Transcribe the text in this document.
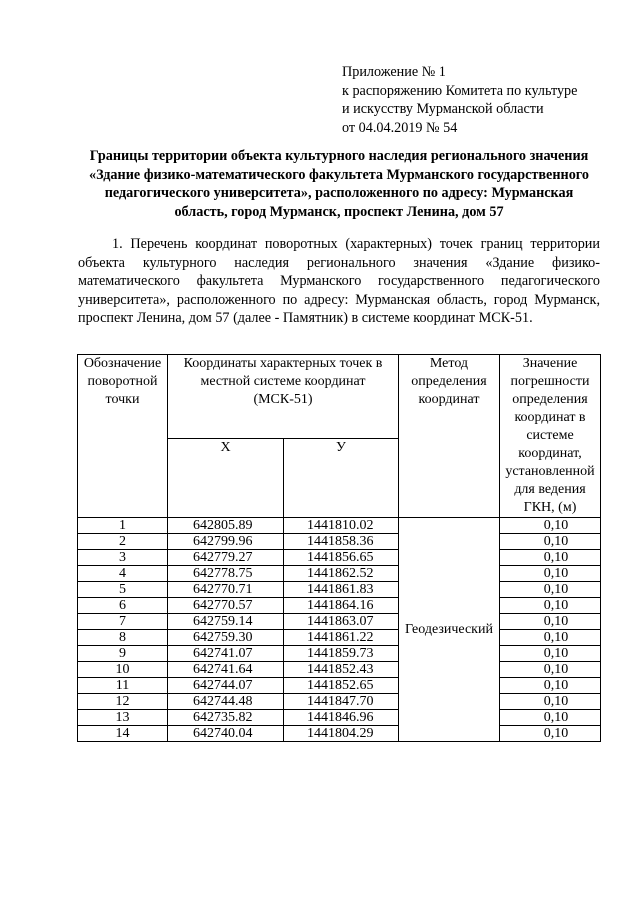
Приложение № 1
к распоряжению Комитета по культуре
и искусству Мурманской области
от 04.04.2019 № 54
Границы территории объекта культурного наследия регионального значения «Здание физико-математического факультета Мурманского государственного педагогического университета», расположенного по адресу: Мурманская область, город Мурманск, проспект Ленина, дом 57
1. Перечень координат поворотных (характерных) точек границ территории объекта культурного наследия регионального значения «Здание физико-математического факультета Мурманского государственного педагогического университета», расположенного по адресу: Мурманская область, город Мурманск, проспект Ленина, дом 57 (далее - Памятник) в системе координат МСК-51.
Обозначение поворотной точки	Координаты характерных точек в местной системе координат (МСК-51)		Метод определения координат	Значение погрешности определения координат в системе координат, установленной для ведения ГКН, (м)
	Х	У		
1	642805.89	1441810.02	Геодезический	0,10
2	642799.96	1441858.36		0,10
3	642779.27	1441856.65		0,10
4	642778.75	1441862.52		0,10
5	642770.71	1441861.83		0,10
6	642770.57	1441864.16		0,10
7	642759.14	1441863.07		0,10
8	642759.30	1441861.22		0,10
9	642741.07	1441859.73		0,10
10	642741.64	1441852.43		0,10
11	642744.07	1441852.65		0,10
12	642744.48	1441847.70		0,10
13	642735.82	1441846.96		0,10
14	642740.04	1441804.29		0,10
